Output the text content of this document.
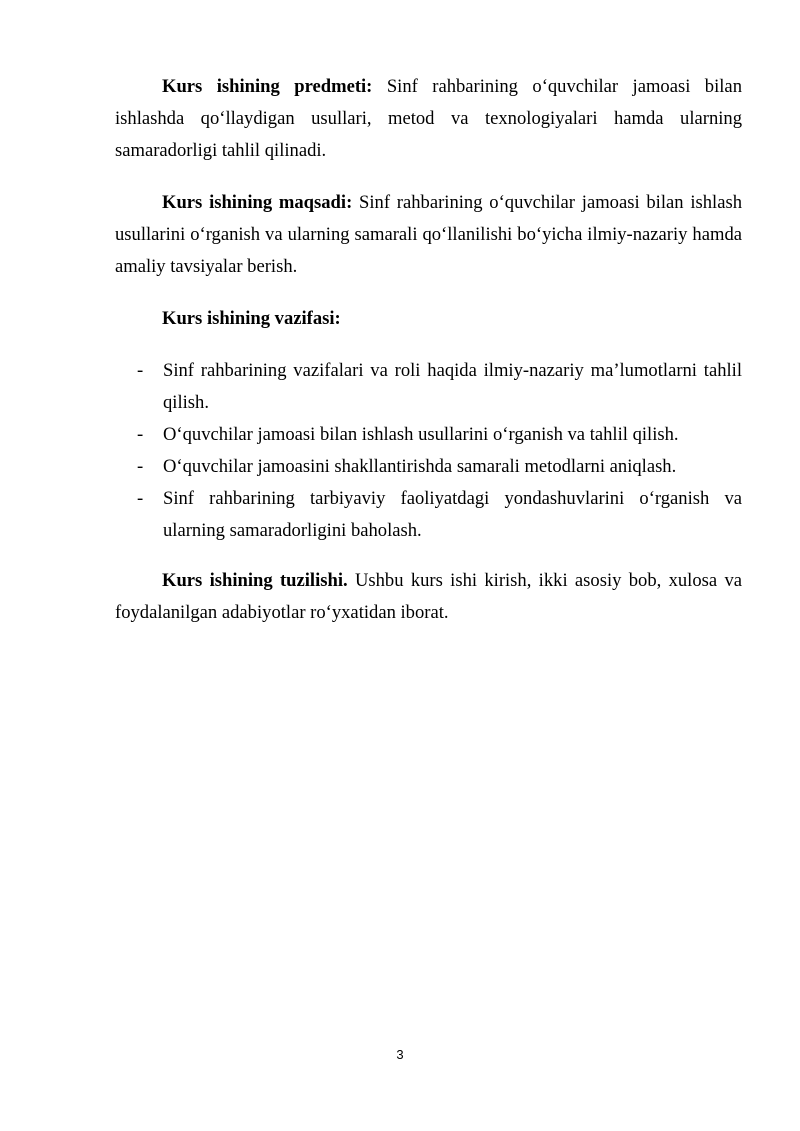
Kurs ishining predmeti: Sinf rahbarining o‘quvchilar jamoasi bilan ishlashda qo‘llaydigan usullari, metod va texnologiyalari hamda ularning samaradorligi tahlil qilinadi.

Kurs ishining maqsadi: Sinf rahbarining o‘quvchilar jamoasi bilan ishlash usullarini o‘rganish va ularning samarali qo‘llanilishi bo‘yicha ilmiy-nazariy hamda amaliy tavsiyalar berish.

Kurs ishining vazifasi:

- Sinf rahbarining vazifalari va roli haqida ilmiy-nazariy ma’lumotlarni tahlil qilish.
- O‘quvchilar jamoasi bilan ishlash usullarini o‘rganish va tahlil qilish.
- O‘quvchilar jamoasini shakllantirishda samarali metodlarni aniqlash.
- Sinf rahbarining tarbiyaviy faoliyatdagi yondashuvlarini o‘rganish va ularning samaradorligini baholash.

Kurs ishining tuzilishi. Ushbu kurs ishi kirish, ikki asosiy bob, xulosa va foydalanilgan adabiyotlar ro‘yxatidan iborat.

3
